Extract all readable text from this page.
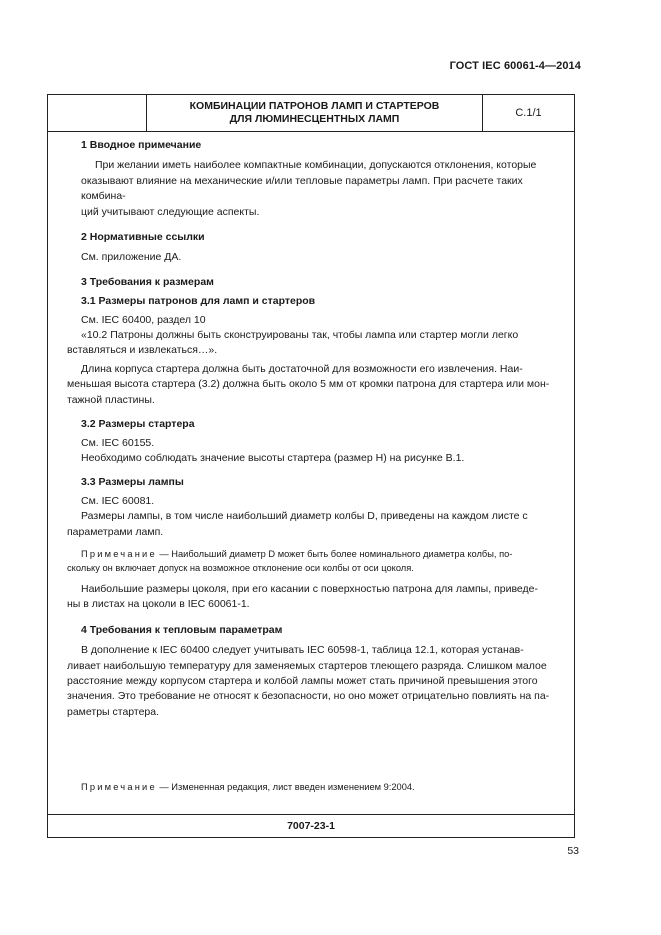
ГОСТ IEC 60061-4—2014
КОМБИНАЦИИ ПАТРОНОВ ЛАМП И СТАРТЕРОВ
ДЛЯ ЛЮМИНЕСЦЕНТНЫХ ЛАМП	С.1/1

1 Вводное примечание

При желании иметь наиболее компактные комбинации, допускаются отклонения, которые

оказывают влияние на механические и/или тепловые параметры ламп. При расчете таких комбина-

ций учитывают следующие аспекты.

2 Нормативные ссылки

См. приложение ДА.

3 Требования к размерам

3.1 Размеры патронов для ламп и стартеров

См. IEC 60400, раздел 10

«10.2 Патроны должны быть сконструированы так, чтобы лампа или стартер могли легко

вставляться и извлекаться…».

Длина корпуса стартера должна быть достаточной для возможности его извлечения. Наи-

меньшая высота стартера (3.2) должна быть около 5 мм от кромки патрона для стартера или мон-

тажной пластины.

3.2 Размеры стартера

См. IEC 60155.

Необходимо соблюдать значение высоты стартера (размер H) на рисунке B.1.

3.3 Размеры лампы

См. IEC 60081.

Размеры лампы, в том числе наибольший диаметр колбы D, приведены на каждом листе с

параметрами ламп.

Примечание — Наибольший диаметр D может быть более номинального диаметра колбы, по-

скольку он включает допуск на возможное отклонение оси колбы от оси цоколя.

Наибольшие размеры цоколя, при его касании с поверхностью патрона для лампы, приведе-

ны в листах на цоколи в IEC 60061-1.

4 Требования к тепловым параметрам

В дополнение к IEC 60400 следует учитывать IEC 60598-1, таблица 12.1, которая устанав-

ливает наибольшую температуру для заменяемых стартеров тлеющего разряда. Слишком малое

расстояние между корпусом стартера и колбой лампы может стать причиной превышения этого

значения. Это требование не относят к безопасности, но оно может отрицательно повлиять на па-

раметры стартера.

Примечание — Измененная редакция, лист введен изменением 9:2004.

7007-23-1
53
